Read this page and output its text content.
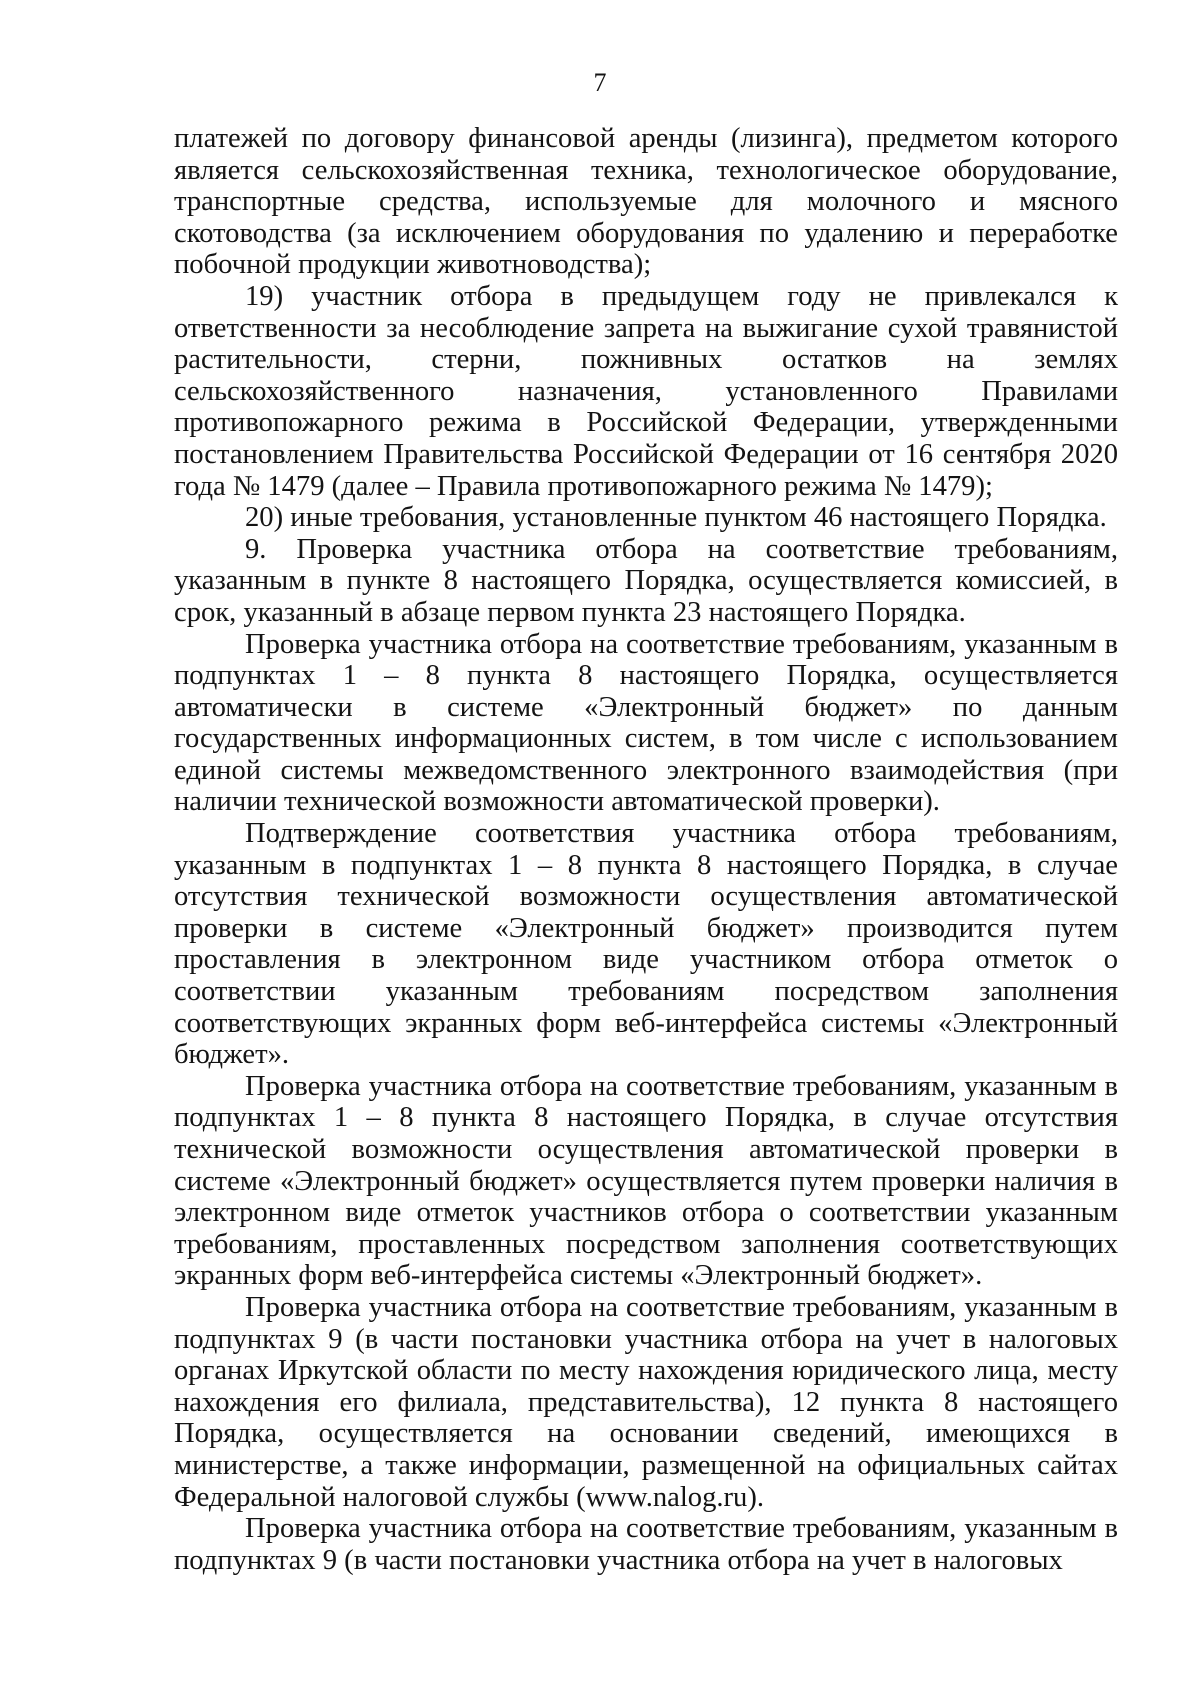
7

платежей по договору финансовой аренды (лизинга), предметом которого является сельскохозяйственная техника, технологическое оборудование, транспортные средства, используемые для молочного и мясного скотоводства (за исключением оборудования по удалению и переработке побочной продукции животноводства);

19) участник отбора в предыдущем году не привлекался к ответственности за несоблюдение запрета на выжигание сухой травянистой растительности, стерни, пожнивных остатков на землях сельскохозяйственного назначения, установленного Правилами противопожарного режима в Российской Федерации, утвержденными постановлением Правительства Российской Федерации от 16 сентября 2020 года № 1479 (далее – Правила противопожарного режима № 1479);

20) иные требования, установленные пунктом 46 настоящего Порядка.

9. Проверка участника отбора на соответствие требованиям, указанным в пункте 8 настоящего Порядка, осуществляется комиссией, в срок, указанный в абзаце первом пункта 23 настоящего Порядка.

Проверка участника отбора на соответствие требованиям, указанным в подпунктах 1 – 8 пункта 8 настоящего Порядка, осуществляется автоматически в системе «Электронный бюджет» по данным государственных информационных систем, в том числе с использованием единой системы межведомственного электронного взаимодействия (при наличии технической возможности автоматической проверки).

Подтверждение соответствия участника отбора требованиям, указанным в подпунктах 1 – 8 пункта 8 настоящего Порядка, в случае отсутствия технической возможности осуществления автоматической проверки в системе «Электронный бюджет» производится путем проставления в электронном виде участником отбора отметок о соответствии указанным требованиям посредством заполнения соответствующих экранных форм веб-интерфейса системы «Электронный бюджет».

Проверка участника отбора на соответствие требованиям, указанным в подпунктах 1 – 8 пункта 8 настоящего Порядка, в случае отсутствия технической возможности осуществления автоматической проверки в системе «Электронный бюджет» осуществляется путем проверки наличия в электронном виде отметок участников отбора о соответствии указанным требованиям, проставленных посредством заполнения соответствующих экранных форм веб-интерфейса системы «Электронный бюджет».

Проверка участника отбора на соответствие требованиям, указанным в подпунктах 9 (в части постановки участника отбора на учет в налоговых органах Иркутской области по месту нахождения юридического лица, месту нахождения его филиала, представительства), 12 пункта 8 настоящего Порядка, осуществляется на основании сведений, имеющихся в министерстве, а также информации, размещенной на официальных сайтах Федеральной налоговой службы (www.nalog.ru).

Проверка участника отбора на соответствие требованиям, указанным в подпунктах 9 (в части постановки участника отбора на учет в налоговых
